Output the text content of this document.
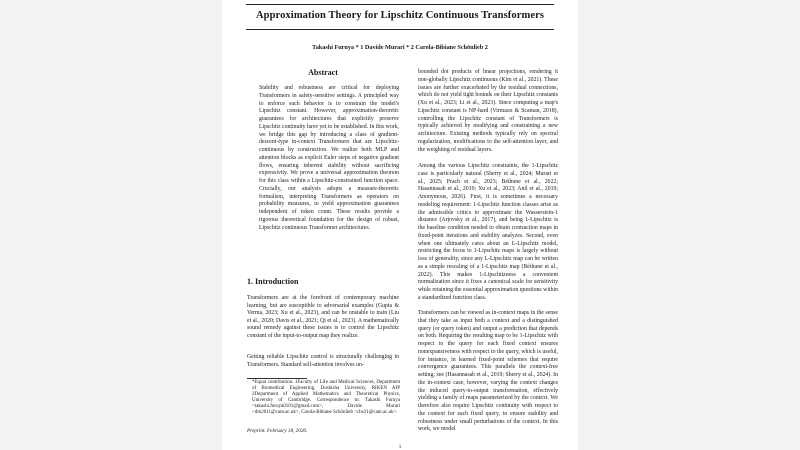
Approximation Theory for Lipschitz Continuous Transformers
Takashi Furuya * 1 Davide Murari * 2 Carola-Bibiane Schönlieb 2
Abstract

Stability and robustness are critical for deploying Transformers in safety-sensitive settings. A principled way to enforce such behavior is to constrain the model's Lipschitz constant. However, approximation-theoretic guarantees for architectures that explicitly preserve Lipschitz continuity have yet to be established. In this work, we bridge this gap by introducing a class of gradient-descent-type in-context Transformers that are Lipschitz-continuous by construction. We realize both MLP and attention blocks as explicit Euler steps of negative gradient flows, ensuring inherent stability without sacrificing expressivity. We prove a universal approximation theorem for this class within a Lipschitz-constrained function space. Crucially, our analysis adopts a measure-theoretic formalism, interpreting Transformers as operators on probability measures, to yield approximation guarantees independent of token count. These results provide a rigorous theoretical foundation for the design of robust, Lipschitz continuous Transformer architectures.

1. Introduction

Transformers are at the forefront of contemporary machine learning, but are susceptible to adversarial examples (Gupta & Verma, 2023; Xu et al., 2023), and can be unstable to train (Liu et al., 2020; Davis et al., 2021; Qi et al., 2023). A mathematically sound remedy against these issues is to control the Lipschitz constant of the input-to-output map they realize.

Getting reliable Lipschitz control is structurally challenging in Transformers. Standard self-attention involves un-

*Equal contribution. 1Faculty of Life and Medical Sciences, Department of Biomedical Engineering, Doshisha University, RIKEN AIP 2Department of Applied Mathematics and Theoretical Physics, University of Cambridge. Correspondence to: Takashi Furuya <takashi.furuya0101@gmail.com>, Davide Murari <dm2011@cam.ac.uk>, Carola-Bibiane Schönlieb <cbs31@cam.ac.uk>.

Preprint. February 18, 2026.

bounded dot products of linear projections, rendering it non-globally Lipschitz continuous (Kim et al., 2021). These issues are further exacerbated by the residual connections, which do not yield tight bounds on their Lipschitz constants (Xu et al., 2023; Li et al., 2023). Since computing a map's Lipschitz constant is NP-hard (Virmaux & Scaman, 2018), controlling the Lipschitz constant of Transformers is typically achieved by modifying and constraining a new architecture. Existing methods typically rely on spectral regularization, modifications to the self-attention layer, and the weighting of residual layers.

Among the various Lipschitz constraints, the 1-Lipschitz case is particularly natural (Sherry et al., 2024; Murari et al., 2025; Prach et al., 2023; Béthune et al., 2022; Hasannasab et al., 2019; Xu et al., 2023; Anil et al., 2019; Anonymous, 2026). First, it is sometimes a necessary modeling requirement: 1-Lipschitz function classes arise as the admissible critics to approximate the Wasserstein-1 distance (Arjovsky et al., 2017), and being 1-Lipschitz is the baseline condition needed to obtain contraction maps in fixed-point iterations and stability analyzes. Second, even when one ultimately cares about an L-Lipschitz model, restricting the focus to 1-Lipschitz maps is largely without loss of generality, since any L-Lipschitz map can be written as a simple rescaling of a 1-Lipschitz map (Béthune et al., 2022). This makes 1-Lipschitzness a convenient normalization since it fixes a canonical scale for sensitivity while retaining the essential approximation questions within a standardized function class.

Transformers can be viewed as in-context maps in the sense that they take as input both a context and a distinguished query (or query token) and output a prediction that depends on both. Requiring the resulting map to be 1-Lipschitz with respect to the query for each fixed context ensures nonexpansiveness with respect to the query, which is useful, for instance, in learned fixed-point schemes that require convergence guarantees. This parallels the context-free setting; see (Hasannasab et al., 2019; Sherry et al., 2024). In the in-context case, however, varying the context changes the induced query-to-output transformation, effectively yielding a family of maps parameterized by the context. We therefore also require Lipschitz continuity with respect to the context for each fixed query, to ensure stability and robustness under small perturbations of the context. In this work, we model

1
